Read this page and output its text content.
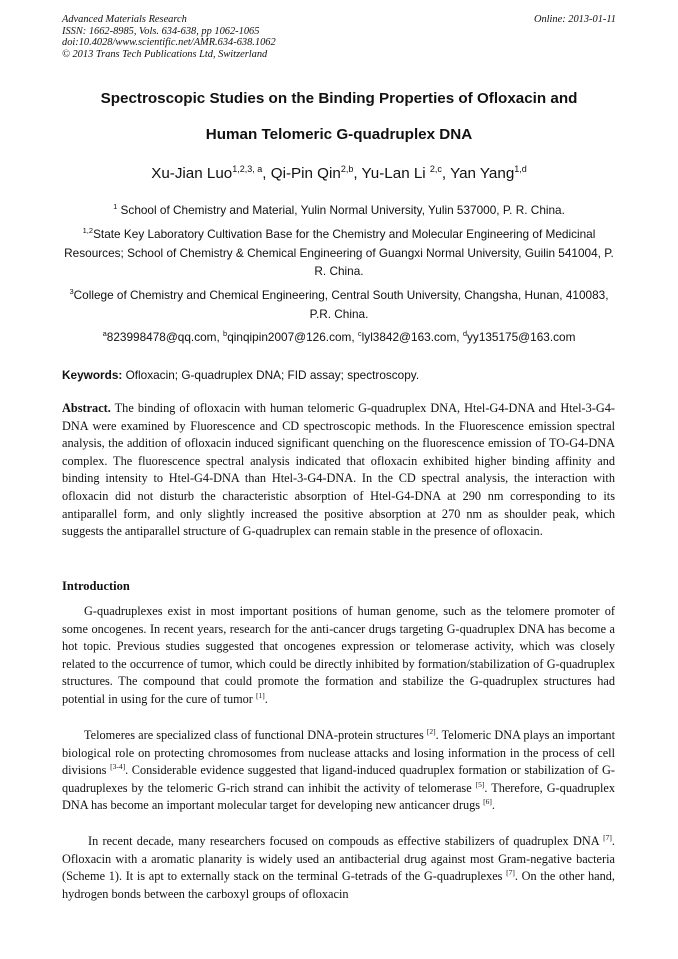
Advanced Materials Research
ISSN: 1662-8985, Vols. 634-638, pp 1062-1065
doi:10.4028/www.scientific.net/AMR.634-638.1062
© 2013 Trans Tech Publications Ltd, Switzerland
Online: 2013-01-11
Spectroscopic Studies on the Binding Properties of Ofloxacin and
Human Telomeric G-quadruplex DNA
Xu-Jian Luo$^{1,2,3, a}$, Qi-Pin Qin$^{2,b}$, Yu-Lan Li $^{2,c}$, Yan Yang$^{1,d}$
$^1$ School of Chemistry and Material, Yulin Normal University, Yulin 537000, P. R. China.
$^{1,2}$State Key Laboratory Cultivation Base for the Chemistry and Molecular Engineering of Medicinal Resources; School of Chemistry & Chemical Engineering of Guangxi Normal University, Guilin 541004, P. R. China.
$^3$College of Chemistry and Chemical Engineering, Central South University, Changsha, Hunan, 410083, P.R. China.
$^a$823998478@qq.com, $^b$qinqipin2007@126.com, $^c$lyl3842@163.com, $^d$yy135175@163.com
Keywords: Ofloxacin; G-quadruplex DNA; FID assay; spectroscopy.
Abstract. The binding of ofloxacin with human telomeric G-quadruplex DNA, Htel-G4-DNA and Htel-3-G4-DNA were examined by Fluorescence and CD spectroscopic methods. In the Fluorescence emission spectral analysis, the addition of ofloxacin induced significant quenching on the fluorescence emission of TO-G4-DNA complex. The fluorescence spectral analysis indicated that ofloxacin exhibited higher binding affinity and binding intensity to Htel-G4-DNA than Htel-3-G4-DNA. In the CD spectral analysis, the interaction with ofloxacin did not disturb the characteristic absorption of Htel-G4-DNA at 290 nm corresponding to its antiparallel form, and only slightly increased the positive absorption at 270 nm as shoulder peak, which suggests the antiparallel structure of G-quadruplex can remain stable in the presence of ofloxacin.
Introduction
G-quadruplexes exist in most important positions of human genome, such as the telomere promoter of some oncogenes. In recent years, research for the anti-cancer drugs targeting G-quadruplex DNA has become a hot topic. Previous studies suggested that oncogenes expression or telomerase activity, which was closely related to the occurrence of tumor, which could be directly inhibited by formation/stabilization of G-quadruplex structures. The compound that could promote the formation and stabilize the G-quadruplex structures had potential in using for the cure of tumor [1].
Telomeres are specialized class of functional DNA-protein structures [2]. Telomeric DNA plays an important biological role on protecting chromosomes from nuclease attacks and losing information in the process of cell divisions [3-4]. Considerable evidence suggested that ligand-induced quadruplex formation or stabilization of G-quadruplexes by the telomeric G-rich strand can inhibit the activity of telomerase [5]. Therefore, G-quadruplex DNA has become an important molecular target for developing new anticancer drugs [6].
In recent decade, many researchers focused on compouds as effective stabilizers of quadruplex DNA [7]. Ofloxacin with a aromatic planarity is widely used an antibacterial drug against most Gram-negative bacteria (Scheme 1). It is apt to externally stack on the terminal G-tetrads of the G-quadruplexes [7]. On the other hand, hydrogen bonds between the carboxyl groups of ofloxacin
